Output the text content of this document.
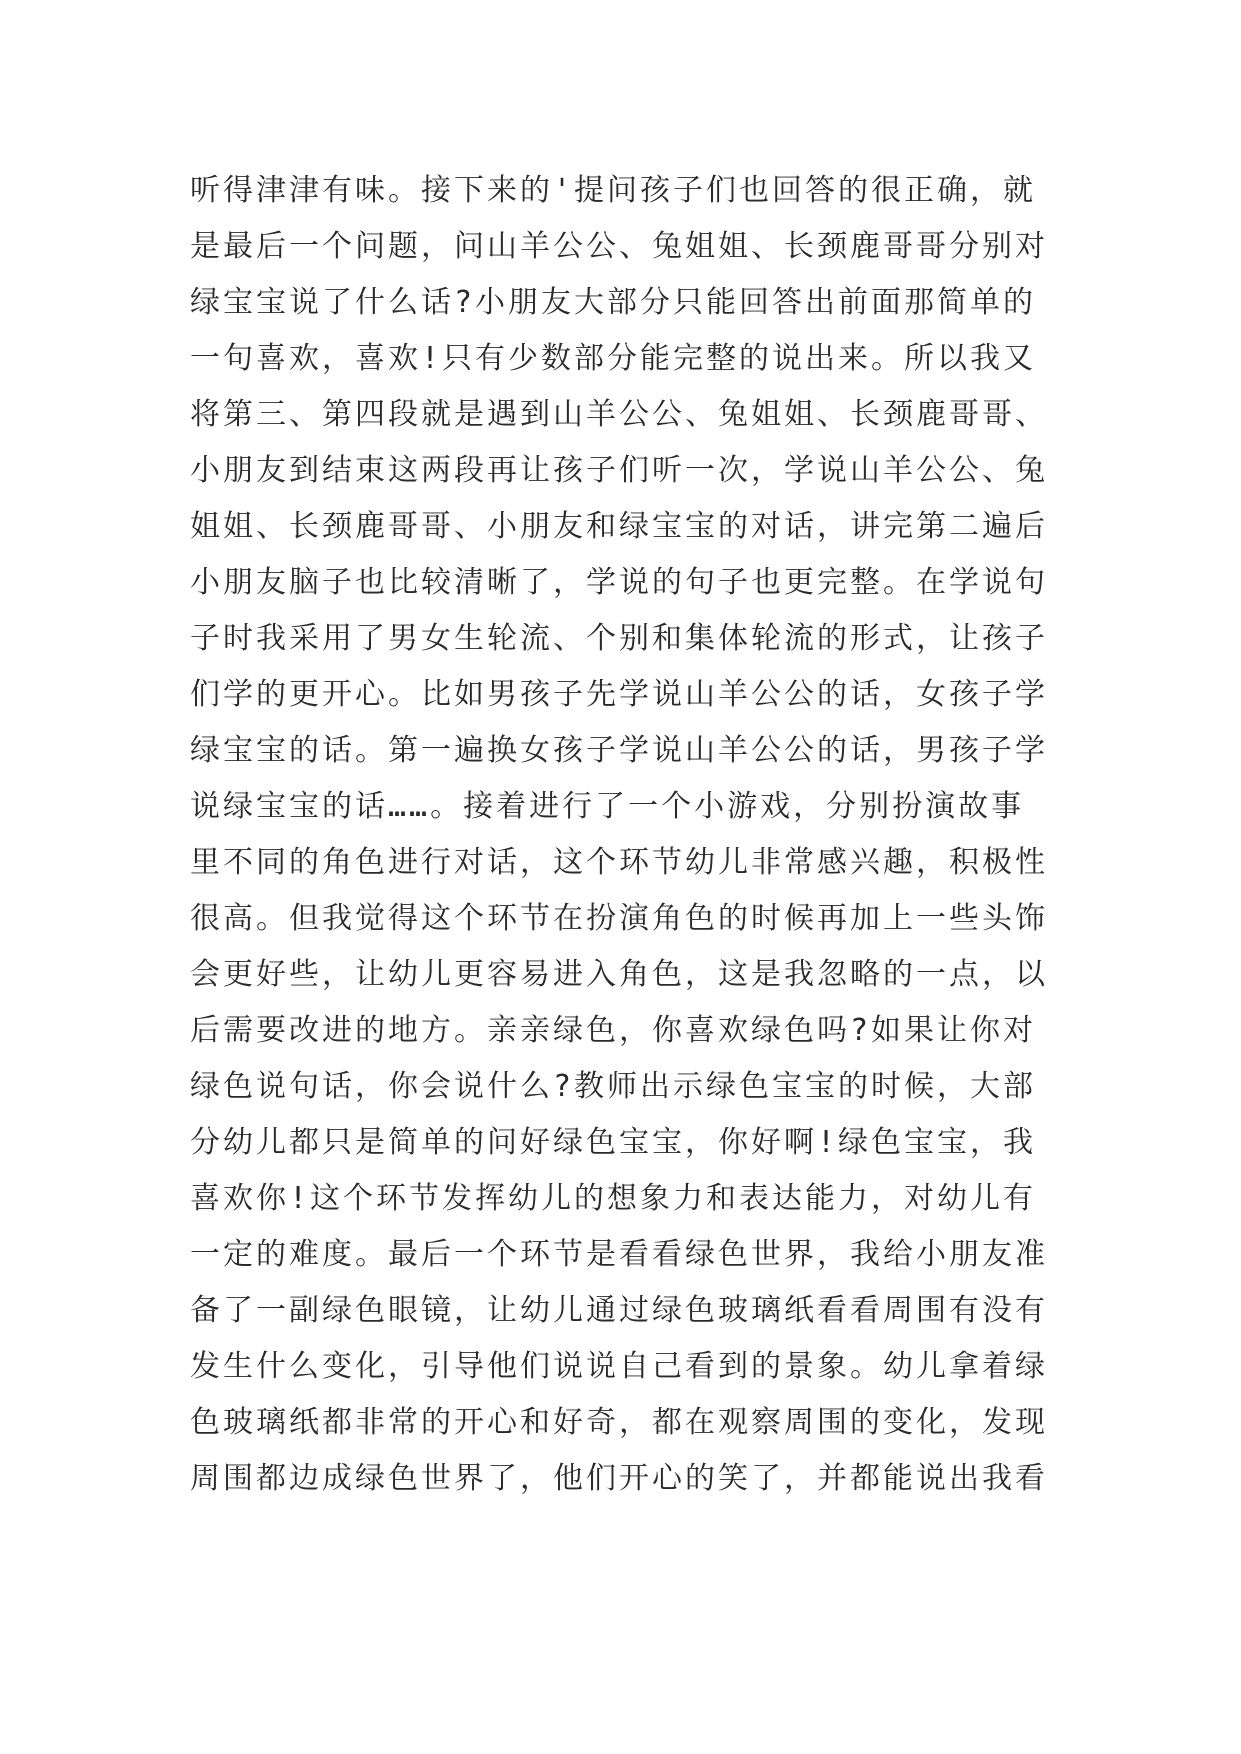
听得津津有味。接下来的'提问孩子们也回答的很正确，就
是最后一个问题，问山羊公公、兔姐姐、长颈鹿哥哥分别对
绿宝宝说了什么话?小朋友大部分只能回答出前面那简单的
一句喜欢，喜欢!只有少数部分能完整的说出来。所以我又
将第三、第四段就是遇到山羊公公、兔姐姐、长颈鹿哥哥、
小朋友到结束这两段再让孩子们听一次，学说山羊公公、兔
姐姐、长颈鹿哥哥、小朋友和绿宝宝的对话，讲完第二遍后
小朋友脑子也比较清晰了，学说的句子也更完整。在学说句
子时我采用了男女生轮流、个别和集体轮流的形式，让孩子
们学的更开心。比如男孩子先学说山羊公公的话，女孩子学
绿宝宝的话。第一遍换女孩子学说山羊公公的话，男孩子学
说绿宝宝的话……。接着进行了一个小游戏，分别扮演故事
里不同的角色进行对话，这个环节幼儿非常感兴趣，积极性
很高。但我觉得这个环节在扮演角色的时候再加上一些头饰
会更好些，让幼儿更容易进入角色，这是我忽略的一点，以
后需要改进的地方。亲亲绿色，你喜欢绿色吗?如果让你对
绿色说句话，你会说什么?教师出示绿色宝宝的时候，大部
分幼儿都只是简单的问好绿色宝宝，你好啊!绿色宝宝，我
喜欢你!这个环节发挥幼儿的想象力和表达能力，对幼儿有
一定的难度。最后一个环节是看看绿色世界，我给小朋友准
备了一副绿色眼镜，让幼儿通过绿色玻璃纸看看周围有没有
发生什么变化，引导他们说说自己看到的景象。幼儿拿着绿
色玻璃纸都非常的开心和好奇，都在观察周围的变化，发现
周围都边成绿色世界了，他们开心的笑了，并都能说出我看
